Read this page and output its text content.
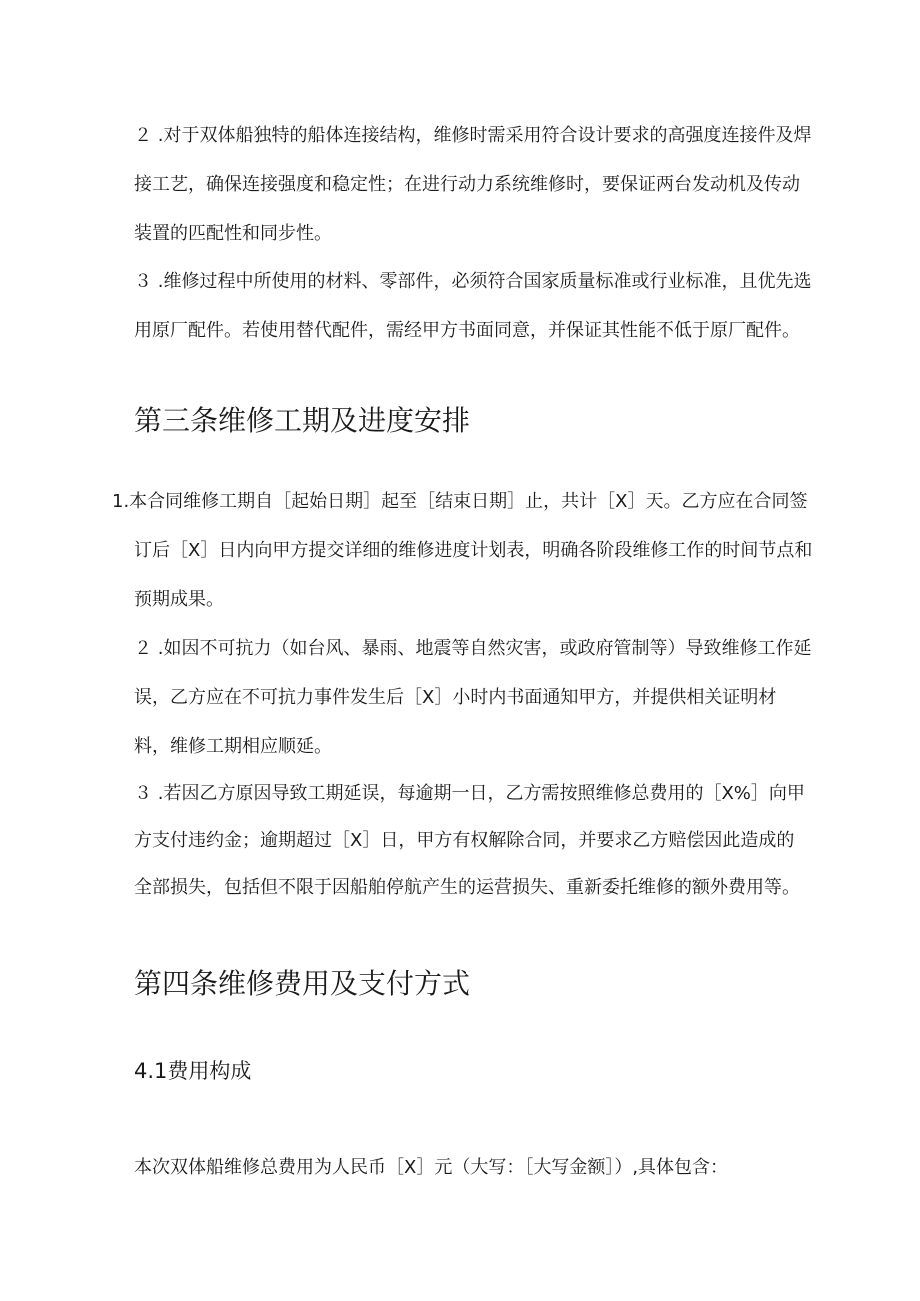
２ .对于双体船独特的船体连接结构，维修时需采用符合设计要求的高强度连接件及焊
接工艺，确保连接强度和稳定性；在进行动力系统维修时，要保证两台发动机及传动
装置的匹配性和同步性。
３ .维修过程中所使用的材料、零部件，必须符合国家质量标准或行业标准，且优先选
用原厂配件。若使用替代配件，需经甲方书面同意，并保证其性能不低于原厂配件。
第三条维修工期及进度安排
1.本合同维修工期自［起始日期］起至［结束日期］止，共计［X］天。乙方应在合同签
订后［X］日内向甲方提交详细的维修进度计划表，明确各阶段维修工作的时间节点和
预期成果。
２ .如因不可抗力（如台风、暴雨、地震等自然灾害，或政府管制等）导致维修工作延
误，乙方应在不可抗力事件发生后［X］小时内书面通知甲方，并提供相关证明材
料，维修工期相应顺延。
３ .若因乙方原因导致工期延误，每逾期一日，乙方需按照维修总费用的［X%］向甲
方支付违约金；逾期超过［X］日，甲方有权解除合同，并要求乙方赔偿因此造成的
全部损失，包括但不限于因船舶停航产生的运营损失、重新委托维修的额外费用等。
第四条维修费用及支付方式
4.1费用构成
本次双体船维修总费用为人民币［X］元（大写：［大写金额］）,具体包含：
